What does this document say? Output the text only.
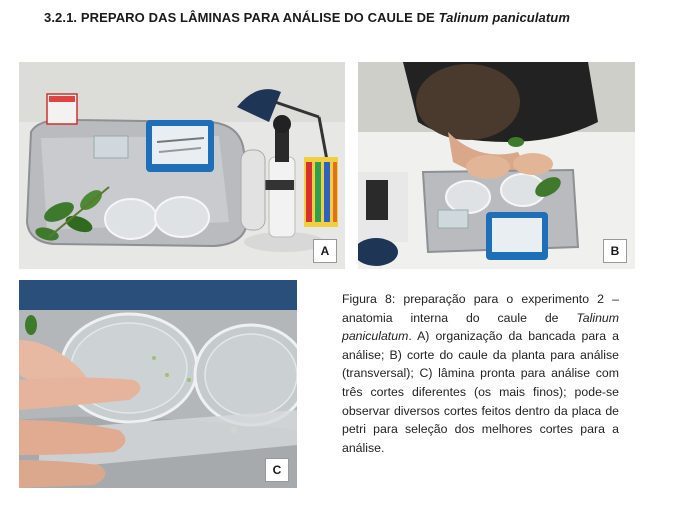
3.2.1. PREPARO DAS LÂMINAS PARA ANÁLISE DO CAULE DE Talinum paniculatum
A	B
C
Figura 8: preparação para o experimento 2 – anatomia interna do caule de Talinum paniculatum. A) organização da bancada para a análise; B) corte do caule da planta para análise (transversal); C) lâmina pronta para análise com três cortes diferentes (os mais finos); pode-se observar diversos cortes feitos dentro da placa de petri para seleção dos melhores cortes para a análise.
